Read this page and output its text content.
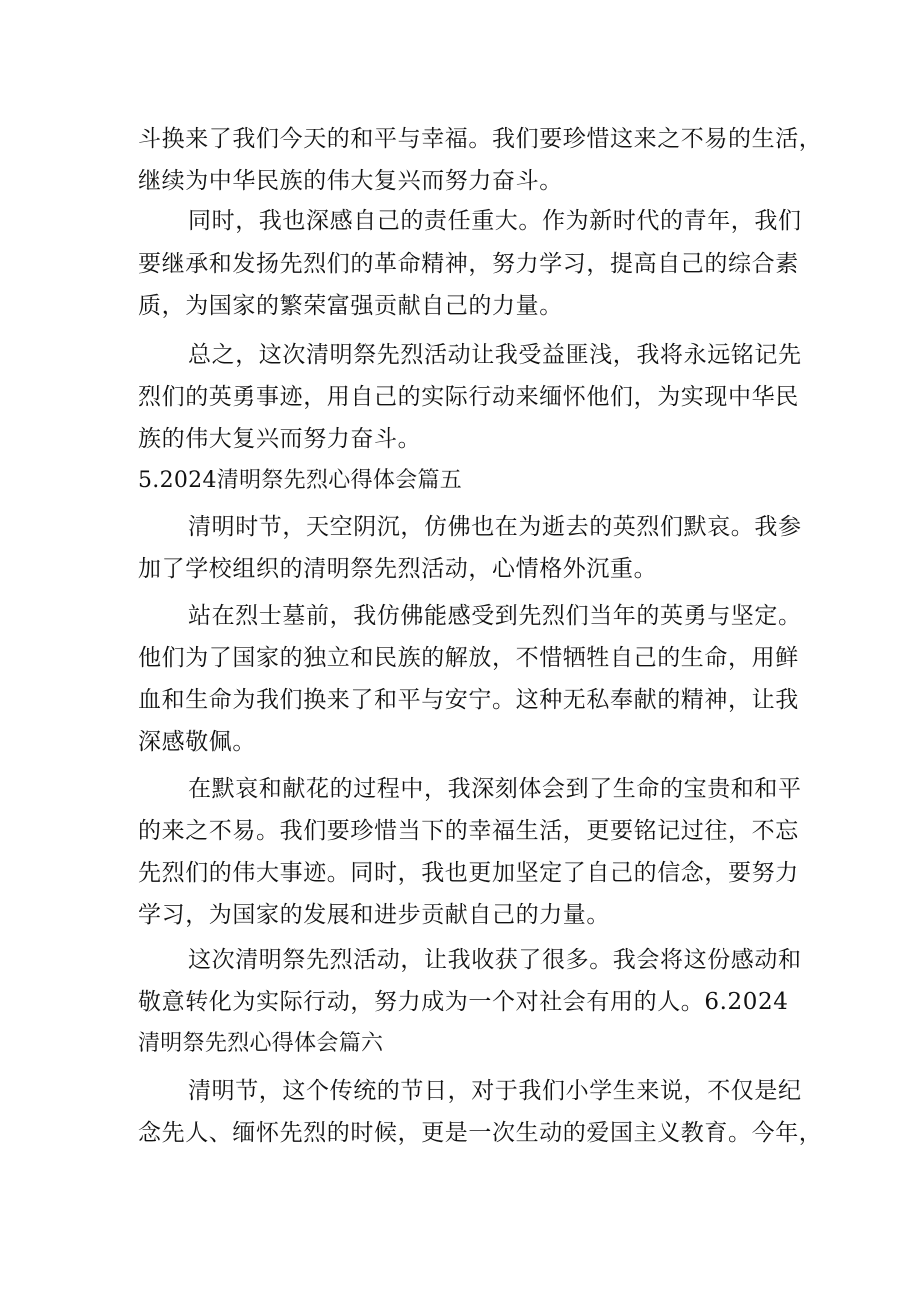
斗换来了我们今天的和平与幸福。我们要珍惜这来之不易的生活，
继续为中华民族的伟大复兴而努力奋斗。
同时，我也深感自己的责任重大。作为新时代的青年，我们
要继承和发扬先烈们的革命精神，努力学习，提高自己的综合素
质，为国家的繁荣富强贡献自己的力量。
总之，这次清明祭先烈活动让我受益匪浅，我将永远铭记先
烈们的英勇事迹，用自己的实际行动来缅怀他们，为实现中华民
族的伟大复兴而努力奋斗。
5.2024清明祭先烈心得体会篇五
清明时节，天空阴沉，仿佛也在为逝去的英烈们默哀。我参
加了学校组织的清明祭先烈活动，心情格外沉重。
站在烈士墓前，我仿佛能感受到先烈们当年的英勇与坚定。
他们为了国家的独立和民族的解放，不惜牺牲自己的生命，用鲜
血和生命为我们换来了和平与安宁。这种无私奉献的精神，让我
深感敬佩。
在默哀和献花的过程中，我深刻体会到了生命的宝贵和和平
的来之不易。我们要珍惜当下的幸福生活，更要铭记过往，不忘
先烈们的伟大事迹。同时，我也更加坚定了自己的信念，要努力
学习，为国家的发展和进步贡献自己的力量。
这次清明祭先烈活动，让我收获了很多。我会将这份感动和
敬意转化为实际行动，努力成为一个对社会有用的人。6.2024
清明祭先烈心得体会篇六
清明节，这个传统的节日，对于我们小学生来说，不仅是纪
念先人、缅怀先烈的时候，更是一次生动的爱国主义教育。今年，
